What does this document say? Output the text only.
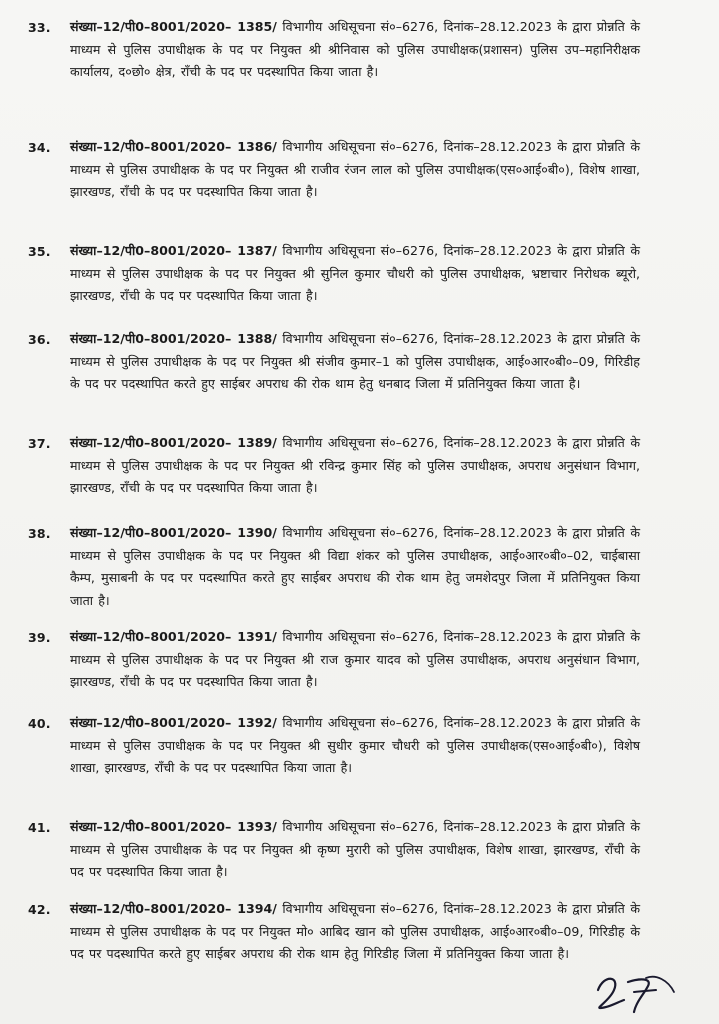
33. संख्या–12/पी0–8001/2020– 1385/ विभागीय अधिसूचना सं०–6276, दिनांक–28.12.2023 के द्वारा प्रोन्नति के माध्यम से पुलिस उपाधीक्षक के पद पर नियुक्त श्री श्रीनिवास को पुलिस उपाधीक्षक(प्रशासन) पुलिस उप–महानिरीक्षक कार्यालय, द०छो० क्षेत्र, राँची के पद पर पदस्थापित किया जाता है।
34. संख्या–12/पी0–8001/2020– 1386/ विभागीय अधिसूचना सं०–6276, दिनांक–28.12.2023 के द्वारा प्रोन्नति के माध्यम से पुलिस उपाधीक्षक के पद पर नियुक्त श्री राजीव रंजन लाल को पुलिस उपाधीक्षक(एस०आई०बी०), विशेष शाखा, झारखण्ड, राँची के पद पर पदस्थापित किया जाता है।
35. संख्या–12/पी0–8001/2020– 1387/ विभागीय अधिसूचना सं०–6276, दिनांक–28.12.2023 के द्वारा प्रोन्नति के माध्यम से पुलिस उपाधीक्षक के पद पर नियुक्त श्री सुनिल कुमार चौधरी को पुलिस उपाधीक्षक, भ्रष्टाचार निरोधक ब्यूरो, झारखण्ड, राँची के पद पर पदस्थापित किया जाता है।
36. संख्या–12/पी0–8001/2020– 1388/ विभागीय अधिसूचना सं०–6276, दिनांक–28.12.2023 के द्वारा प्रोन्नति के माध्यम से पुलिस उपाधीक्षक के पद पर नियुक्त श्री संजीव कुमार–1 को पुलिस उपाधीक्षक, आई०आर०बी०–09, गिरिडीह के पद पर पदस्थापित करते हुए साईबर अपराध की रोक थाम हेतु धनबाद जिला में प्रतिनियुक्त किया जाता है।
37. संख्या–12/पी0–8001/2020– 1389/ विभागीय अधिसूचना सं०–6276, दिनांक–28.12.2023 के द्वारा प्रोन्नति के माध्यम से पुलिस उपाधीक्षक के पद पर नियुक्त श्री रविन्द्र कुमार सिंह को पुलिस उपाधीक्षक, अपराध अनुसंधान विभाग, झारखण्ड, राँची के पद पर पदस्थापित किया जाता है।
38. संख्या–12/पी0–8001/2020– 1390/ विभागीय अधिसूचना सं०–6276, दिनांक–28.12.2023 के द्वारा प्रोन्नति के माध्यम से पुलिस उपाधीक्षक के पद पर नियुक्त श्री विद्या शंकर को पुलिस उपाधीक्षक, आई०आर०बी०–02, चाईबासा कैम्प, मुसाबनी के पद पर पदस्थापित करते हुए साईबर अपराध की रोक थाम हेतु जमशेदपुर जिला में प्रतिनियुक्त किया जाता है।
39. संख्या–12/पी0–8001/2020– 1391/ विभागीय अधिसूचना सं०–6276, दिनांक–28.12.2023 के द्वारा प्रोन्नति के माध्यम से पुलिस उपाधीक्षक के पद पर नियुक्त श्री राज कुमार यादव को पुलिस उपाधीक्षक, अपराध अनुसंधान विभाग, झारखण्ड, राँची के पद पर पदस्थापित किया जाता है।
40. संख्या–12/पी0–8001/2020– 1392/ विभागीय अधिसूचना सं०–6276, दिनांक–28.12.2023 के द्वारा प्रोन्नति के माध्यम से पुलिस उपाधीक्षक के पद पर नियुक्त श्री सुधीर कुमार चौधरी को पुलिस उपाधीक्षक(एस०आई०बी०), विशेष शाखा, झारखण्ड, राँची के पद पर पदस्थापित किया जाता है।
41. संख्या–12/पी0–8001/2020– 1393/ विभागीय अधिसूचना सं०–6276, दिनांक–28.12.2023 के द्वारा प्रोन्नति के माध्यम से पुलिस उपाधीक्षक के पद पर नियुक्त श्री कृष्ण मुरारी को पुलिस उपाधीक्षक, विशेष शाखा, झारखण्ड, राँची के पद पर पदस्थापित किया जाता है।
42. संख्या–12/पी0–8001/2020– 1394/ विभागीय अधिसूचना सं०–6276, दिनांक–28.12.2023 के द्वारा प्रोन्नति के माध्यम से पुलिस उपाधीक्षक के पद पर नियुक्त मो० आबिद खान को पुलिस उपाधीक्षक, आई०आर०बी०–09, गिरिडीह के पद पर पदस्थापित करते हुए साईबर अपराध की रोक थाम हेतु गिरिडीह जिला में प्रतिनियुक्त किया जाता है।
